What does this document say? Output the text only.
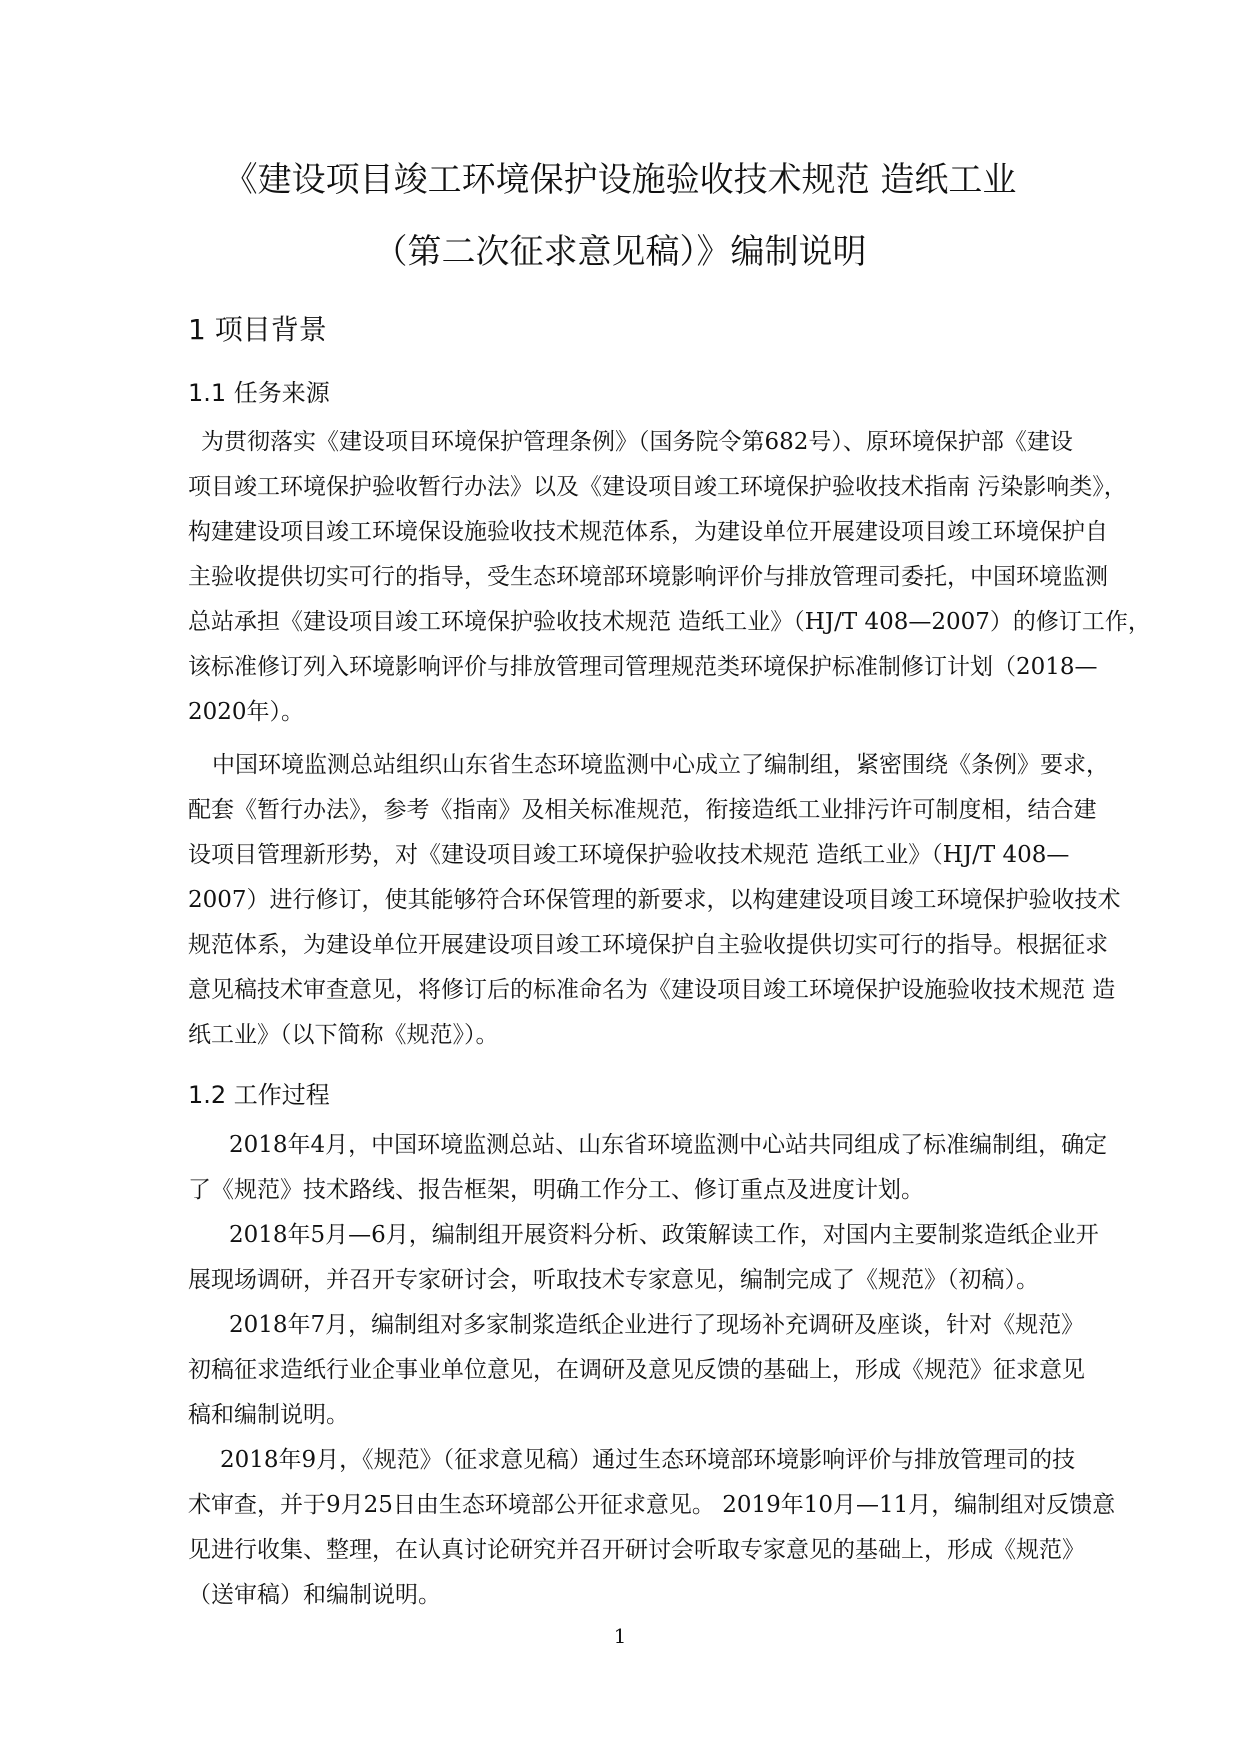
《建设项目竣工环境保护设施验收技术规范 造纸工业
（第二次征求意见稿）》编制说明
1 项目背景
1.1 任务来源
为贯彻落实《建设项目环境保护管理条例》（国务院令第682号）、原环境保护部《建设
项目竣工环境保护验收暂行办法》以及《建设项目竣工环境保护验收技术指南 污染影响类》，
构建建设项目竣工环境保设施验收技术规范体系，为建设单位开展建设项目竣工环境保护自
主验收提供切实可行的指导，受生态环境部环境影响评价与排放管理司委托，中国环境监测
总站承担《建设项目竣工环境保护验收技术规范 造纸工业》（HJ/T 408—2007）的修订工作，
该标准修订列入环境影响评价与排放管理司管理规范类环境保护标准制修订计划（2018—
2020年）。
中国环境监测总站组织山东省生态环境监测中心成立了编制组，紧密围绕《条例》要求，
配套《暂行办法》，参考《指南》及相关标准规范，衔接造纸工业排污许可制度相，结合建
设项目管理新形势，对《建设项目竣工环境保护验收技术规范 造纸工业》（HJ/T 408—
2007）进行修订，使其能够符合环保管理的新要求，以构建建设项目竣工环境保护验收技术
规范体系，为建设单位开展建设项目竣工环境保护自主验收提供切实可行的指导。根据征求
意见稿技术审查意见，将修订后的标准命名为《建设项目竣工环境保护设施验收技术规范 造
纸工业》（以下简称《规范》）。
1.2 工作过程
2018年4月，中国环境监测总站、山东省环境监测中心站共同组成了标准编制组，确定
了《规范》技术路线、报告框架，明确工作分工、修订重点及进度计划。
2018年5月—6月，编制组开展资料分析、政策解读工作，对国内主要制浆造纸企业开
展现场调研，并召开专家研讨会，听取技术专家意见，编制完成了《规范》（初稿）。
2018年7月，编制组对多家制浆造纸企业进行了现场补充调研及座谈，针对《规范》
初稿征求造纸行业企事业单位意见，在调研及意见反馈的基础上，形成《规范》征求意见
稿和编制说明。
2018年9月，《规范》（征求意见稿）通过生态环境部环境影响评价与排放管理司的技
术审查，并于9月25日由生态环境部公开征求意见。 2019年10月—11月，编制组对反馈意
见进行收集、整理，在认真讨论研究并召开研讨会听取专家意见的基础上，形成《规范》
（送审稿）和编制说明。
1
